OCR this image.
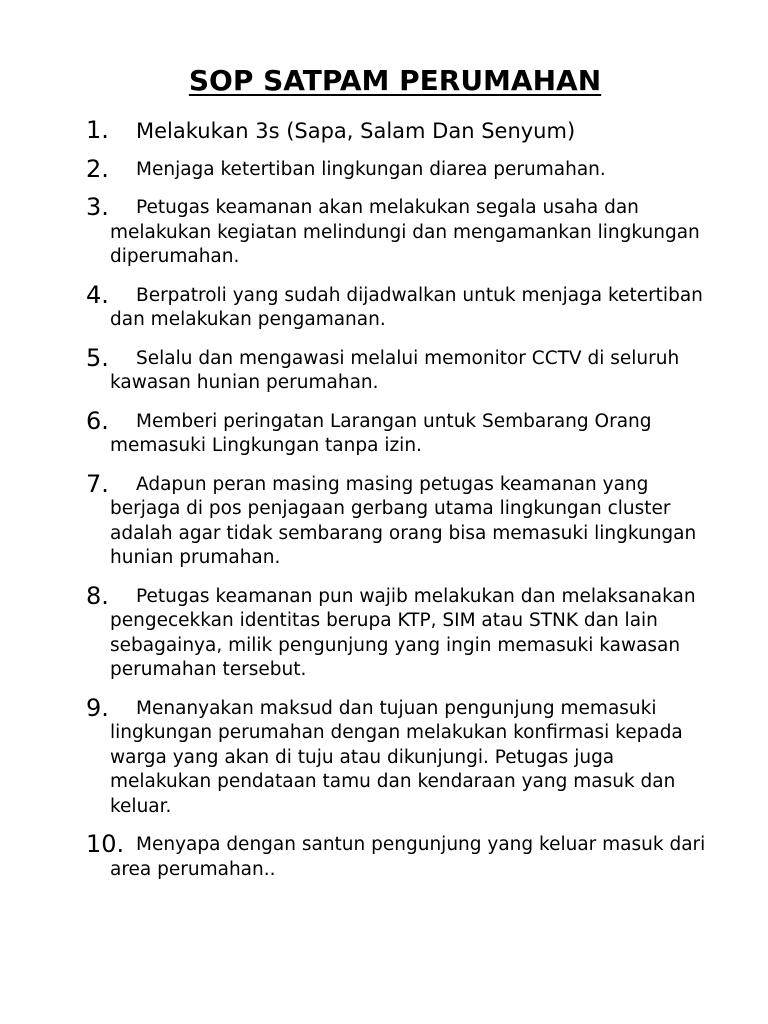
SOP SATPAM PERUMAHAN
1.	Melakukan 3s (Sapa, Salam Dan Senyum)
2.	Menjaga ketertiban lingkungan diarea perumahan.
3.	Petugas keamanan akan melakukan segala usaha dan melakukan kegiatan melindungi dan mengamankan lingkungan diperumahan.
4.	Berpatroli yang sudah dijadwalkan untuk menjaga ketertiban dan melakukan pengamanan.
5.	Selalu dan mengawasi melalui memonitor CCTV di seluruh kawasan hunian perumahan.
6.	Memberi peringatan Larangan untuk Sembarang Orang memasuki Lingkungan tanpa izin.
7.	Adapun peran masing masing petugas keamanan yang berjaga di pos penjagaan gerbang utama lingkungan cluster adalah agar tidak sembarang orang bisa memasuki lingkungan hunian prumahan.
8.	Petugas keamanan pun wajib melakukan dan melaksanakan pengecekkan identitas berupa KTP, SIM atau STNK dan lain sebagainya, milik pengunjung yang ingin memasuki kawasan perumahan tersebut.
9.	Menanyakan maksud dan tujuan pengunjung memasuki lingkungan perumahan dengan melakukan konfirmasi kepada warga yang akan di tuju atau dikunjungi. Petugas juga melakukan pendataan tamu dan kendaraan yang masuk dan keluar.
10. Menyapa dengan santun pengunjung yang keluar masuk dari area perumahan..
